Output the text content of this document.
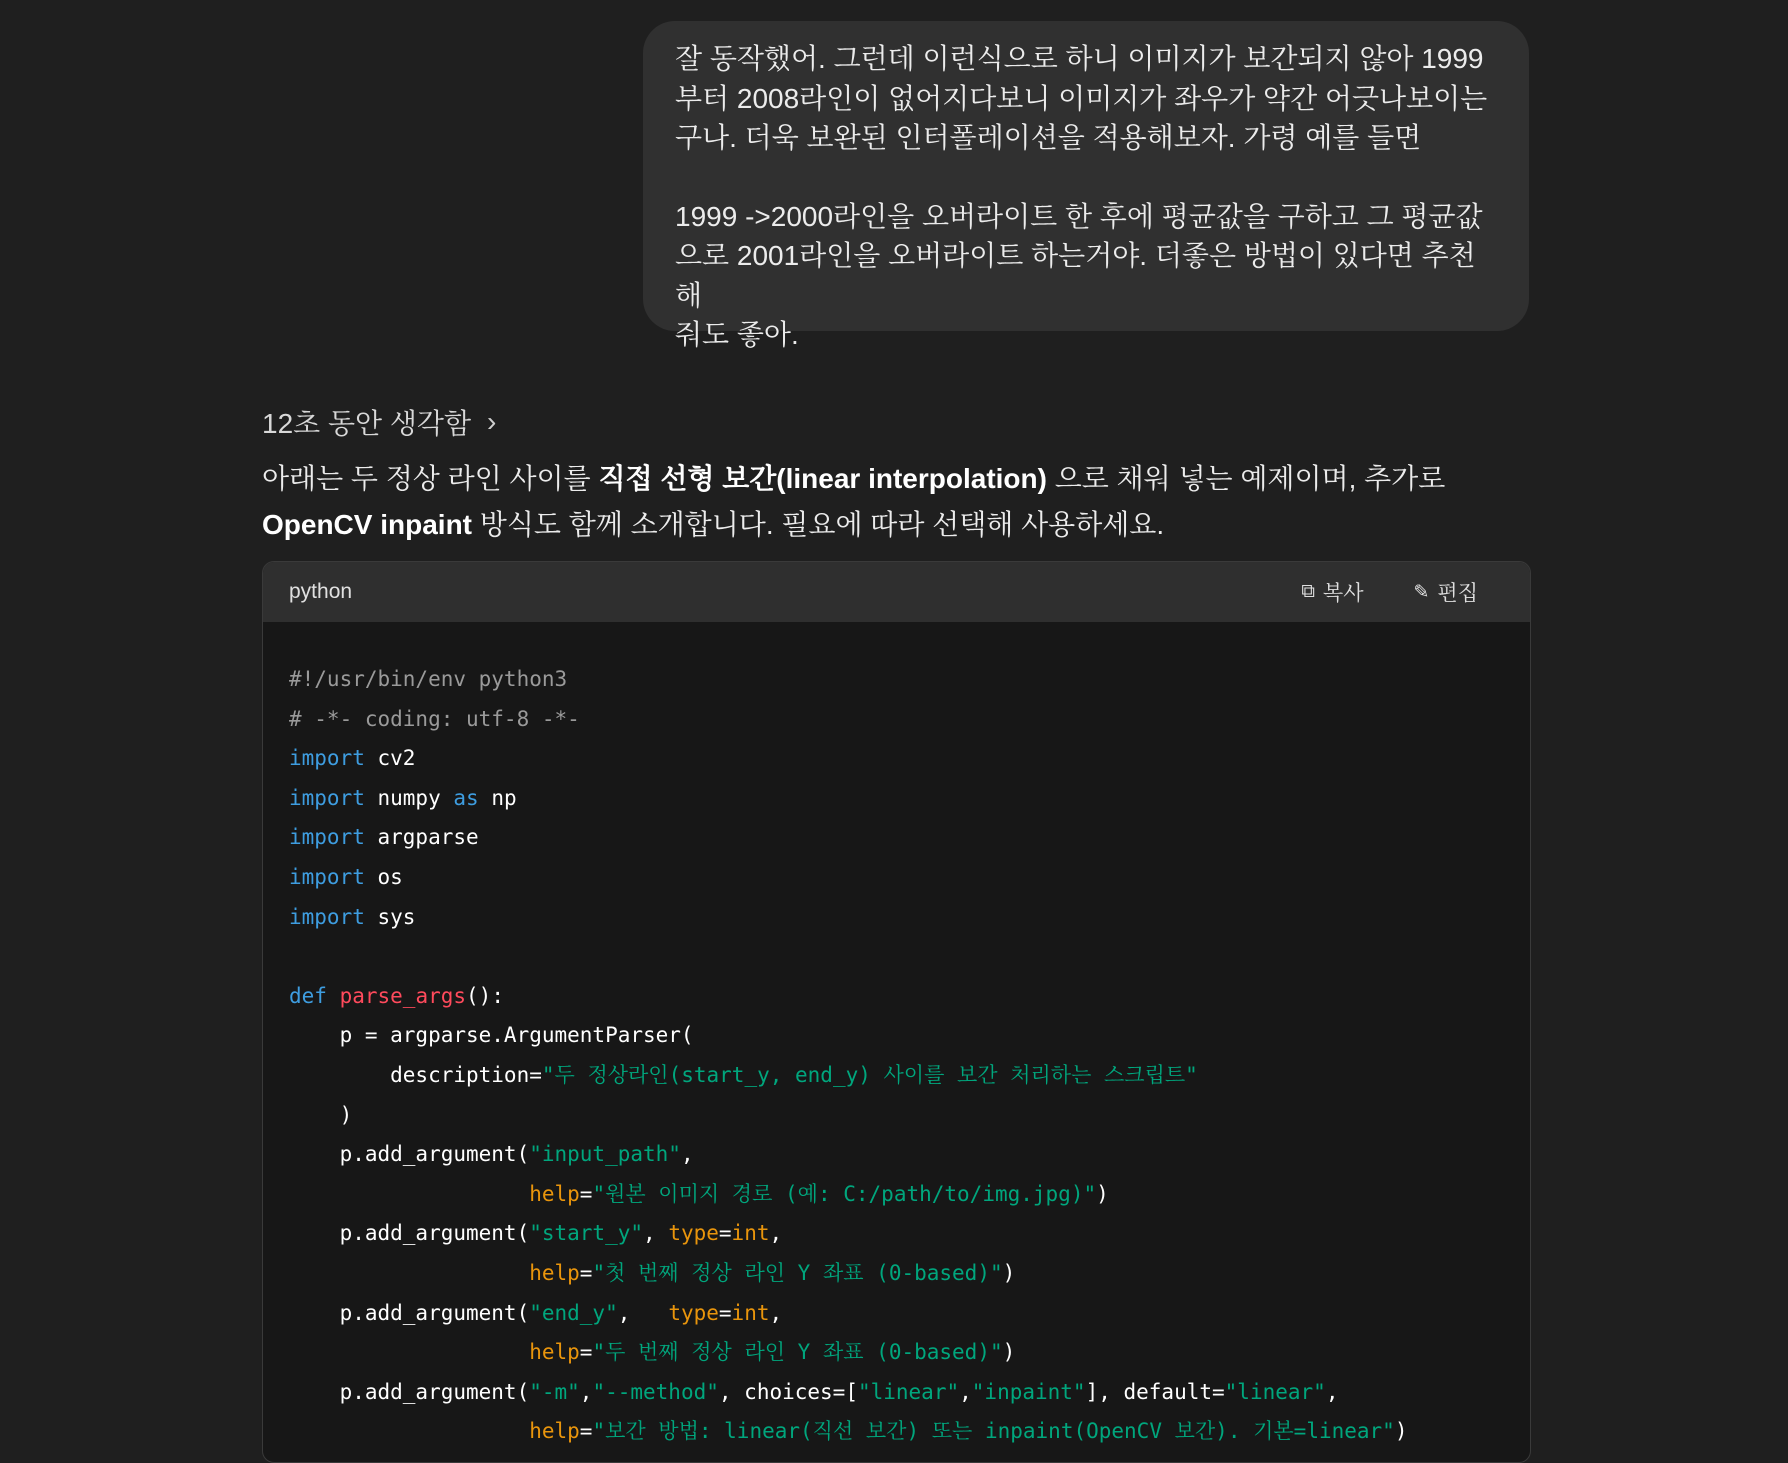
잘 동작했어. 그런데 이런식으로 하니 이미지가 보간되지 않아 1999
부터 2008라인이 없어지다보니 이미지가 좌우가 약간 어긋나보이는
구나. 더욱 보완된 인터폴레이션을 적용해보자. 가령 예를 들면

1999 ->2000라인을 오버라이트 한 후에 평균값을 구하고 그 평균값
으로 2001라인을 오버라이트 하는거야. 더좋은 방법이 있다면 추천해
줘도 좋아.

12초 동안 생각함 ›
아래는 두 정상 라인 사이를 직접 선형 보간(linear interpolation) 으로 채워 넣는 예제이며, 추가로
OpenCV inpaint 방식도 함께 소개합니다. 필요에 따라 선택해 사용하세요.
python	⧉ 복사	✎ 편집
#!/usr/bin/env python3
# -*- coding: utf-8 -*-
import cv2
import numpy as np
import argparse
import os
import sys

def parse_args():
p = argparse.ArgumentParser(
description="두 정상라인(start_y, end_y) 사이를 보간 처리하는 스크립트"
)
p.add_argument("input_path",
help="원본 이미지 경로 (예: C:/path/to/img.jpg)")
p.add_argument("start_y", type=int,
help="첫 번째 정상 라인 Y 좌표 (0-based)")
p.add_argument("end_y",   type=int,
help="두 번째 정상 라인 Y 좌표 (0-based)")
p.add_argument("-m","--method", choices=["linear","inpaint"], default="linear",
help="보간 방법: linear(직선 보간) 또는 inpaint(OpenCV 보간). 기본=linear")
